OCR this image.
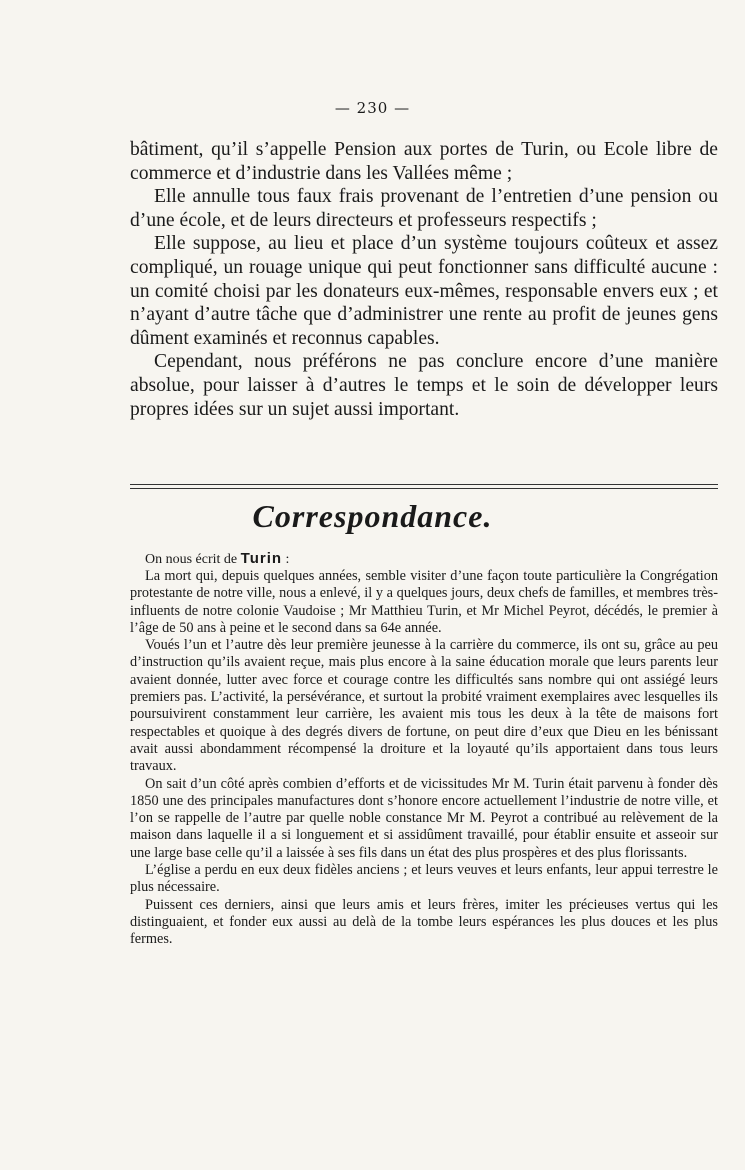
— 230 —

bâtiment, qu’il s’appelle Pension aux portes de Turin, ou Ecole libre de commerce et d’industrie dans les Vallées même ;

Elle annulle tous faux frais provenant de l’entretien d’une pension ou d’une école, et de leurs directeurs et professeurs respectifs ;

Elle suppose, au lieu et place d’un système toujours coûteux et assez compliqué, un rouage unique qui peut fonctionner sans difficulté aucune : un comité choisi par les donateurs eux-mêmes, responsable envers eux ; et n’ayant d’autre tâche que d’administrer une rente au profit de jeunes gens dûment examinés et reconnus capables.

Cependant, nous préférons ne pas conclure encore d’une manière absolue, pour laisser à d’autres le temps et le soin de développer leurs propres idées sur un sujet aussi important.

Correspondance.
On nous écrit de Turin :

La mort qui, depuis quelques années, semble visiter d’une façon toute particulière la Congrégation protestante de notre ville, nous a enlevé, il y a quelques jours, deux chefs de familles, et membres très-influents de notre colonie Vaudoise ; Mr Matthieu Turin, et Mr Michel Peyrot, décédés, le premier à l’âge de 50 ans à peine et le second dans sa 64e année.

Voués l’un et l’autre dès leur première jeunesse à la carrière du commerce, ils ont su, grâce au peu d’instruction qu’ils avaient reçue, mais plus encore à la saine éducation morale que leurs parents leur avaient donnée, lutter avec force et courage contre les difficultés sans nombre qui ont assiégé leurs premiers pas. L’activité, la persévérance, et surtout la probité vraiment exemplaires avec lesquelles ils poursuivirent constamment leur carrière, les avaient mis tous les deux à la tête de maisons fort respectables et quoique à des degrés divers de fortune, on peut dire d’eux que Dieu en les bénissant avait aussi abondamment récompensé la droiture et la loyauté qu’ils apportaient dans tous leurs travaux.

On sait d’un côté après combien d’efforts et de vicissitudes Mr M. Turin était parvenu à fonder dès 1850 une des principales manufactures dont s’honore encore actuellement l’industrie de notre ville, et l’on se rappelle de l’autre par quelle noble constance Mr M. Peyrot a contribué au relèvement de la maison dans laquelle il a si longuement et si assidûment travaillé, pour établir ensuite et asseoir sur une large base celle qu’il a laissée à ses fils dans un état des plus prospères et des plus florissants.

L’église a perdu en eux deux fidèles anciens ; et leurs veuves et leurs enfants, leur appui terrestre le plus nécessaire.

Puissent ces derniers, ainsi que leurs amis et leurs frères, imiter les précieuses vertus qui les distinguaient, et fonder eux aussi au delà de la tombe leurs espérances les plus douces et les plus fermes.
